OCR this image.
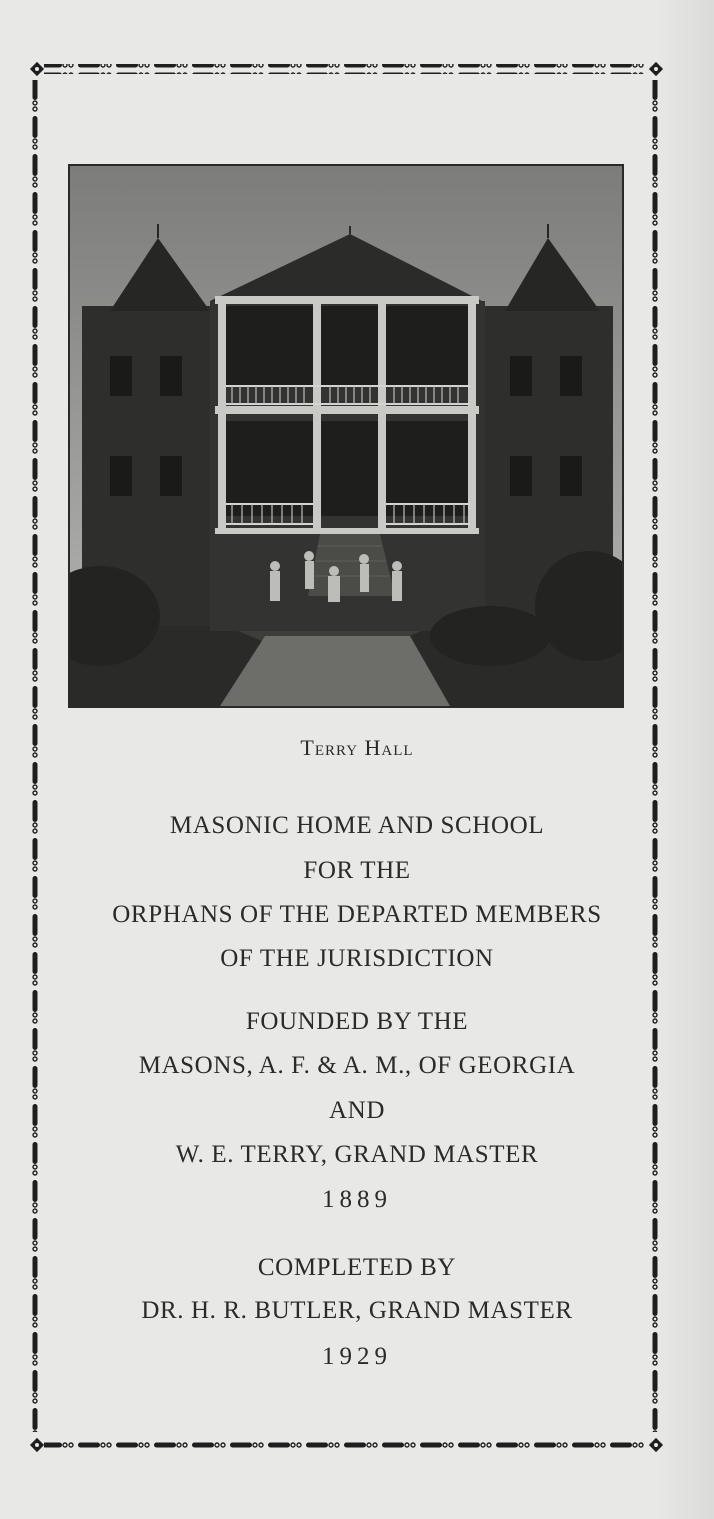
Terry Hall
MASONIC HOME AND SCHOOL
FOR THE
ORPHANS OF THE DEPARTED MEMBERS
OF THE JURISDICTION
FOUNDED BY THE
MASONS, A. F. & A. M., OF GEORGIA
AND
W. E. TERRY, GRAND MASTER
1889
COMPLETED BY
DR. H. R. BUTLER, GRAND MASTER
1929
